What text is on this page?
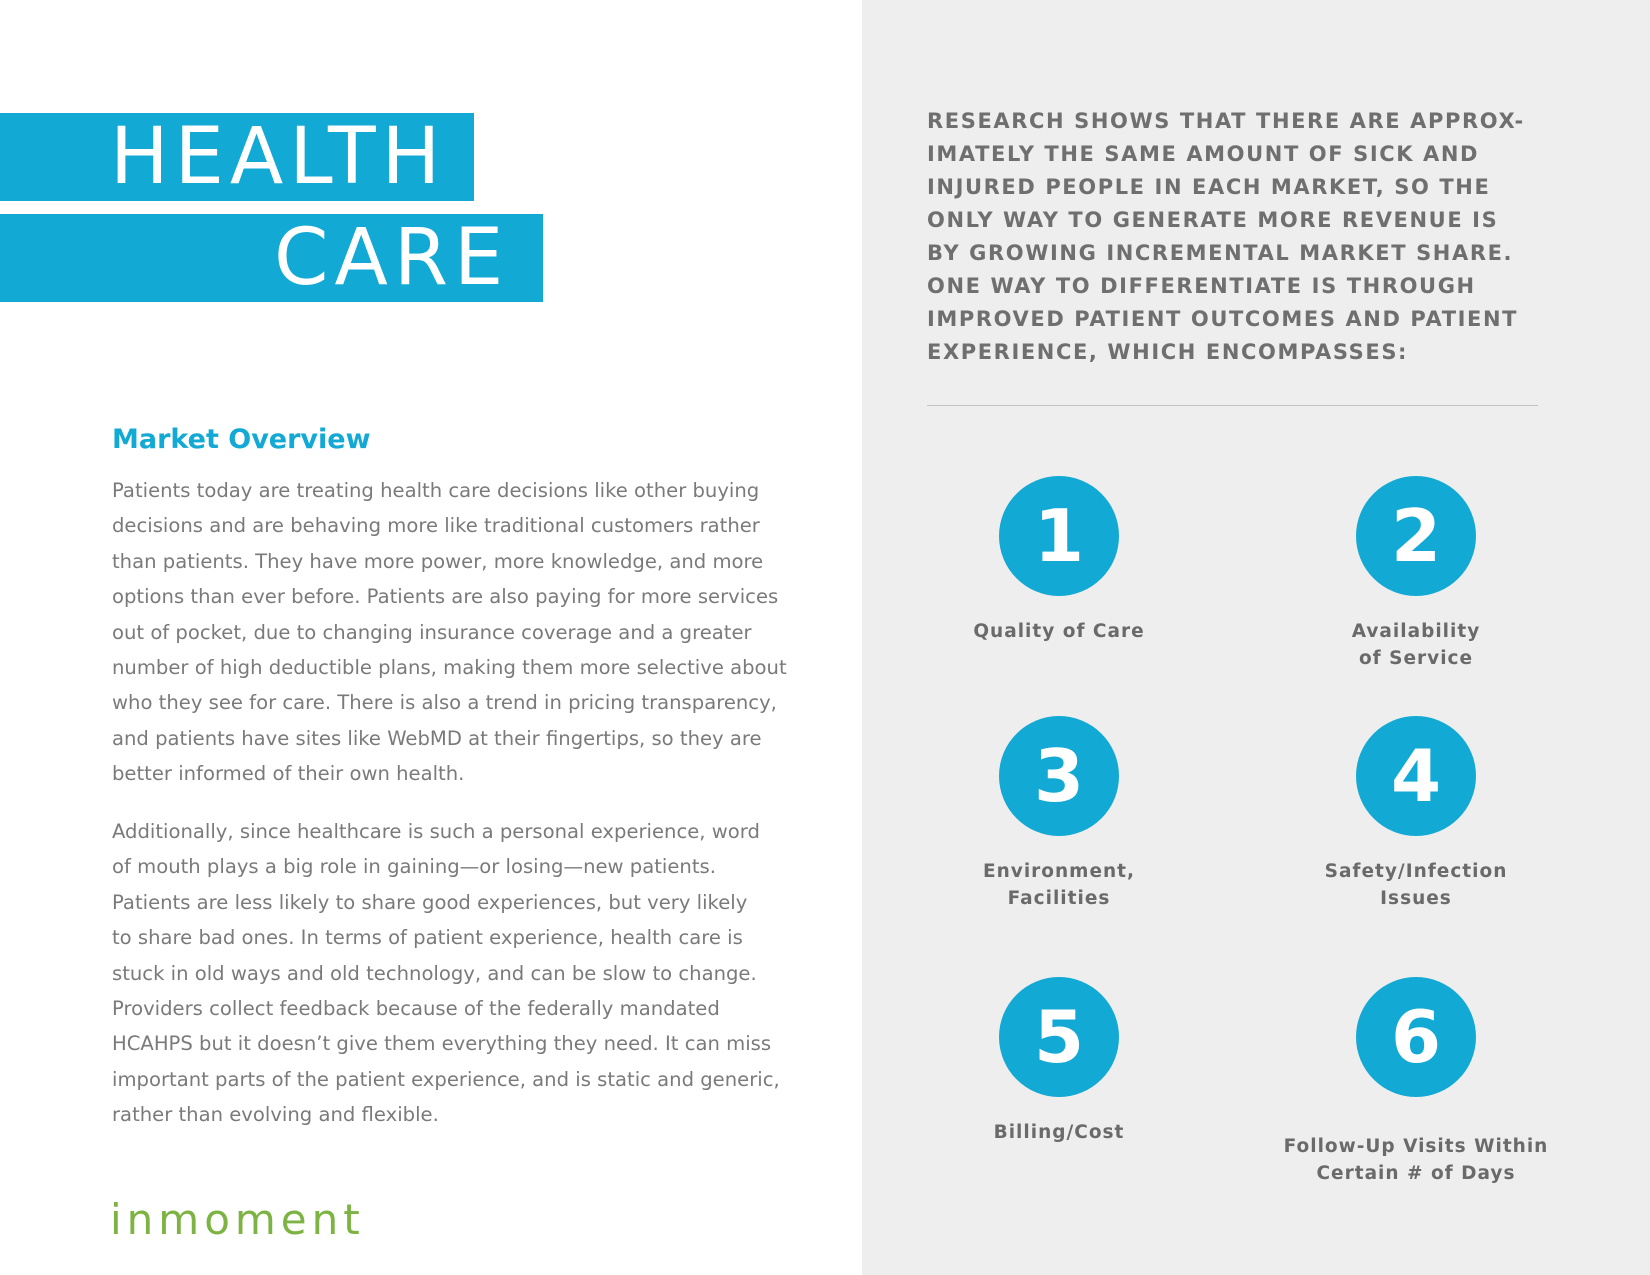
HEALTH
CARE
Market Overview
Patients today are treating health care decisions like other buying
decisions and are behaving more like traditional customers rather
than patients. They have more power, more knowledge, and more
options than ever before. Patients are also paying for more services
out of pocket, due to changing insurance coverage and a greater
number of high deductible plans, making them more selective about
who they see for care. There is also a trend in pricing transparency,
and patients have sites like WebMD at their fingertips, so they are
better informed of their own health.
Additionally, since healthcare is such a personal experience, word
of mouth plays a big role in gaining—or losing—new patients.
Patients are less likely to share good experiences, but very likely
to share bad ones. In terms of patient experience, health care is
stuck in old ways and old technology, and can be slow to change.
Providers collect feedback because of the federally mandated
HCAHPS but it doesn’t give them everything they need. It can miss
important parts of the patient experience, and is static and generic,
rather than evolving and flexible.
inmoment
RESEARCH SHOWS THAT THERE ARE APPROX-
IMATELY THE SAME AMOUNT OF SICK AND
INJURED PEOPLE IN EACH MARKET, SO THE
ONLY WAY TO GENERATE MORE REVENUE IS
BY GROWING INCREMENTAL MARKET SHARE.
ONE WAY TO DIFFERENTIATE IS THROUGH
IMPROVED PATIENT OUTCOMES AND PATIENT
EXPERIENCE, WHICH ENCOMPASSES:
1
Quality of Care
2
Availability
of Service
3
Environment,
Facilities
4
Safety/Infection
Issues
5
Billing/Cost
6
Follow-Up Visits Within
Certain # of Days
